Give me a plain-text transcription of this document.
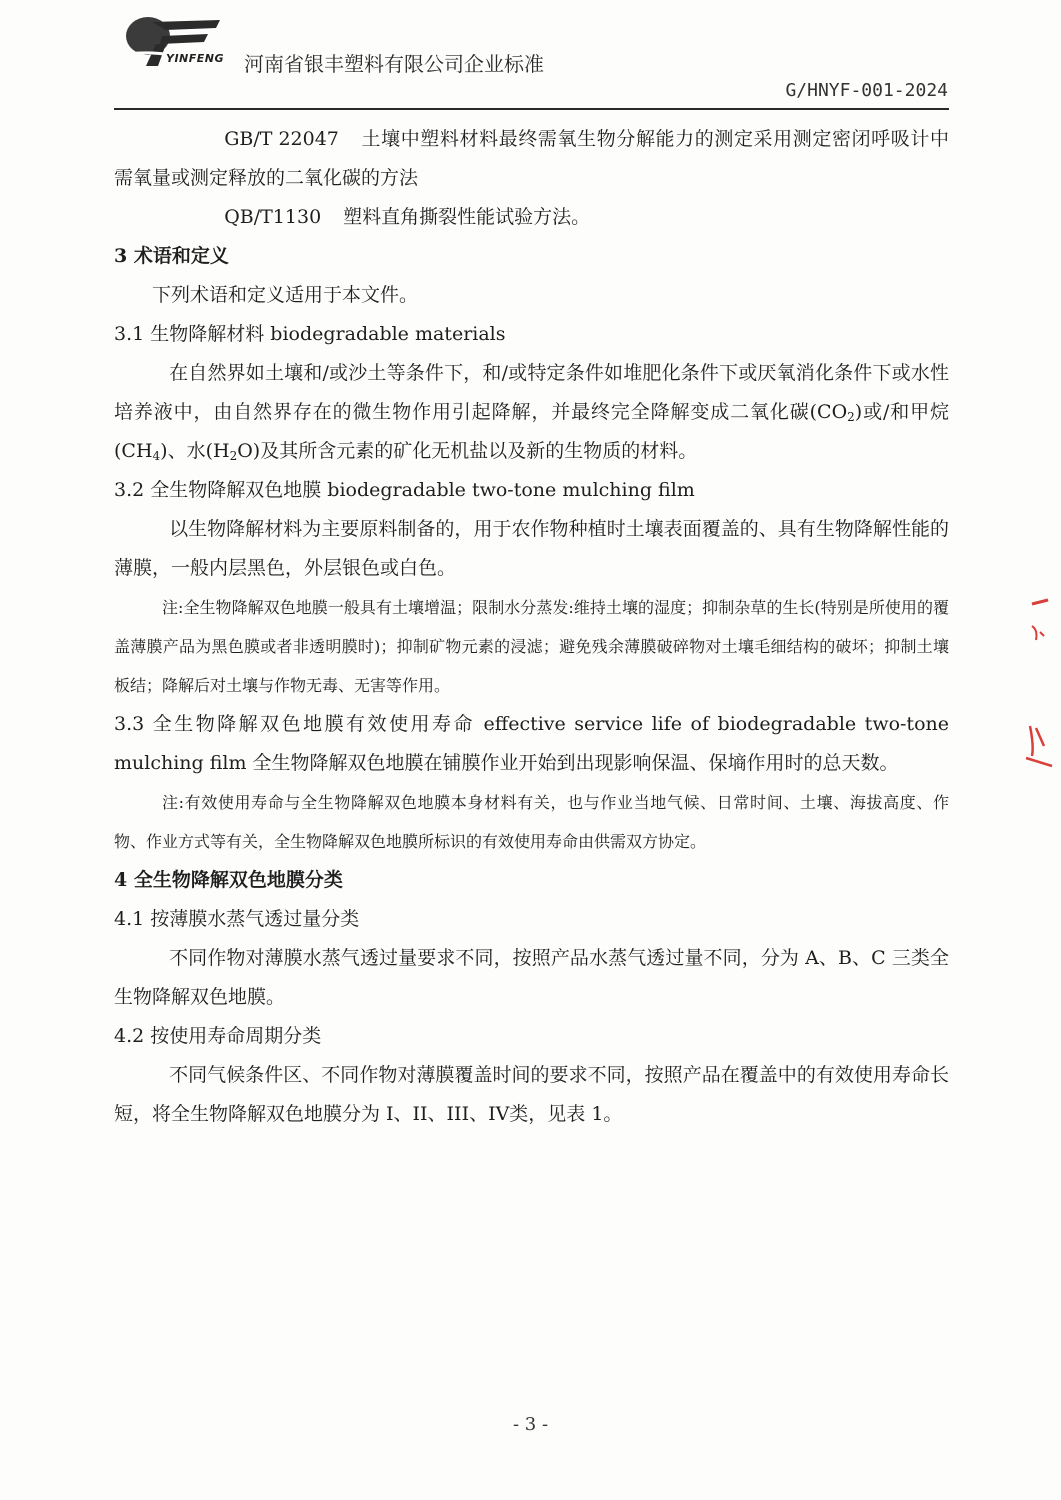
YINFENG 河南省银丰塑料有限公司企业标准
G/HNYF-001-2024

GB/T 22047 土壤中塑料材料最终需氧生物分解能力的测定采用测定密闭呼吸计中需氧量或测定释放的二氧化碳的方法

QB/T1130 塑料直角撕裂性能试验方法。

3 术语和定义

下列术语和定义适用于本文件。

3.1 生物降解材料 biodegradable materials

在自然界如土壤和/或沙土等条件下，和/或特定条件如堆肥化条件下或厌氧消化条件下或水性培养液中，由自然界存在的微生物作用引起降解，并最终完全降解变成二氧化碳$(CO_2)$或/和甲烷$(CH_4)$、水$(H_2O)$及其所含元素的矿化无机盐以及新的生物质的材料。

3.2 全生物降解双色地膜 biodegradable two-tone mulching film

以生物降解材料为主要原料制备的，用于农作物种植时土壤表面覆盖的、具有生物降解性能的薄膜，一般内层黑色，外层银色或白色。

注:全生物降解双色地膜一般具有土壤增温；限制水分蒸发:维持土壤的湿度；抑制杂草的生长(特别是所使用的覆盖薄膜产品为黑色膜或者非透明膜时)；抑制矿物元素的浸滤；避免残余薄膜破碎物对土壤毛细结构的破坏；抑制土壤板结；降解后对土壤与作物无毒、无害等作用。

3.3 全生物降解双色地膜有效使用寿命 effective service life of biodegradable two-tone mulching film 全生物降解双色地膜在铺膜作业开始到出现影响保温、保墒作用时的总天数。

注:有效使用寿命与全生物降解双色地膜本身材料有关，也与作业当地气候、日常时间、土壤、海拔高度、作物、作业方式等有关，全生物降解双色地膜所标识的有效使用寿命由供需双方协定。

4 全生物降解双色地膜分类

4.1 按薄膜水蒸气透过量分类

不同作物对薄膜水蒸气透过量要求不同，按照产品水蒸气透过量不同，分为 A、B、C 三类全生物降解双色地膜。

4.2 按使用寿命周期分类

不同气候条件区、不同作物对薄膜覆盖时间的要求不同，按照产品在覆盖中的有效使用寿命长短，将全生物降解双色地膜分为 I、II、III、IV类，见表 1。

- 3 -
